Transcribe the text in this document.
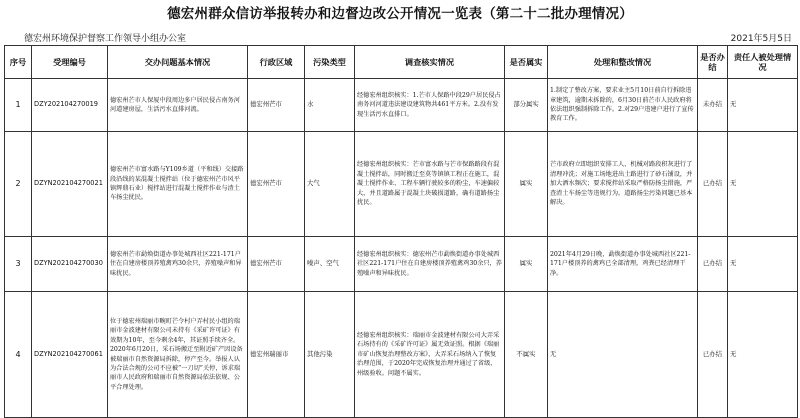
德宏州群众信访举报转办和边督边改公开情况一览表（第二十二批办理情况）
德宏州环境保护督察工作领导小组办公室	2021年5月5日
序号	受理编号	交办问题基本情况	行政区域	污染类型	调查核实情况	是否属实	处理和整改情况	是否办结	责任人被处理情况
1	DZY202104270019	德宏州芒市人保厦中段周边多户居民侵占南务河河道建房屋，生活污水直排河流。	德宏州芒市	水	经德宏州组织核实：1.芒市人保路中段29户居民侵占南务河河道违法建设建筑物共461平方米。2.没有发现生活污水直排口。	部分属实	1.制定了整改方案，要求业主5月10日前自行拆除违章建筑，逾期未拆除的，6月30日前芒市人民政府将依法组织强制拆除工作。2.对29户违建户进行了宣传教育工作。	未办结	无
2	DZYN202104270021	德宏州芒市富水路与Y109乡道（平和线）交接路段沿线的某混凝土搅拌站（位于德宏州芒市风平镇辉鼎石业）搅拌站进行混凝土搅拌作业与渣土车扬尘扰民。	德宏州芒市	大气	经德宏州组织核实：芒市富水路与芒市保路路段有混凝土搅拌站，同时搬迁至莫等镇镇工程正在施工，混凝土搅拌作业、工程车辆行驶较多的粉尘，车速偏较大，并且道路属于混凝土块破损道路，确有道路扬尘扰民。	属实	芒市政府立即组织安排工人、机械对路段积灰进行了清理冲洗；对施工场地进出土路进行了砂石铺设，并加大洒水频次；要求搅拌站采取严格防扬尘措施，严查渣土车扬尘等违规行为。道路扬尘污染问题已基本解决。	已办结	无
3	DZYN202104270030	德宏州芒市勐焕街道办事处城西社区221-171户住在自建房楼顶养殖禽鸡30余只，养殖噪声和异味扰民。	德宏州芒市	噪声、空气	经德宏州组织核实：德宏州芒市勐焕街道办事处城西社区221-171户住在自建房楼顶养殖禽鸡30余只，养殖噪声和异味扰民。	属实	2021年4月29日晚，勐焕街道办事处城西社区221-171户楼顶养的禽鸡已全部清理，鸡粪已经清理干净。	已办结	无
4	DZYN202104270061	位于德宏州瑞丽市畹町芒令村户弄村民小组的瑞丽市金波建材有限公司未持有《采矿许可证》有效期为10年，至今剩余4年，其证照手续齐全。2020年6月20日，采石场搬迁至附近矿产因设备被瑞丽市自然资源局拆除，停产至今。举报人认为合法合规的公司不应被“一刀切”关停，诉求瑞丽市人民政府和瑞丽市自然资源局依法依规、公平合理处理。	德宏州瑞丽市	其他污染	经德宏州组织核实：瑞丽市金波建材有限公司大弄采石场持有的《采矿许可证》属无效证照。根据《瑞丽市矿山恢复治理整改方案》，大弄采石场纳入了恢复治理范围，于2020年完成恢复治理并通过了省级、州级验收。问题不属实。	不属实	无	已办结	无
